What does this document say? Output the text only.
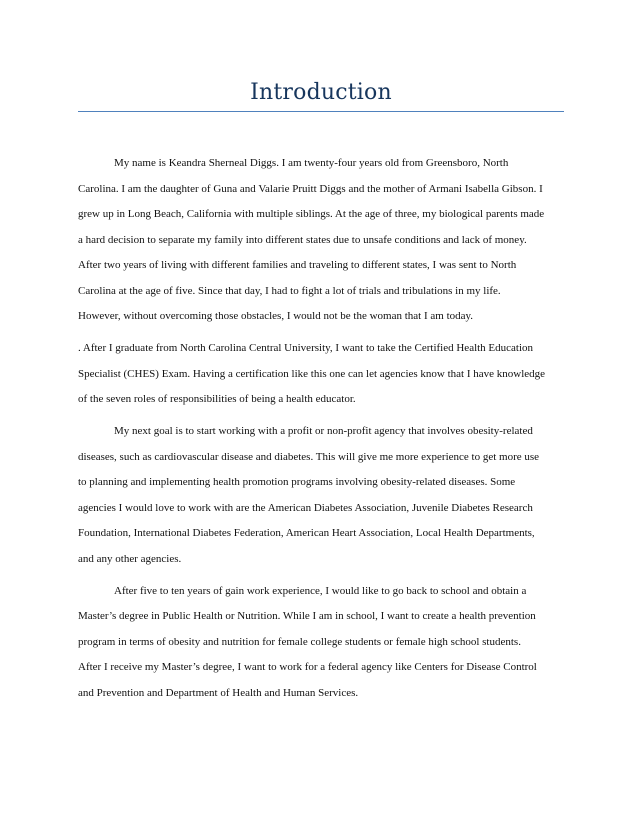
Introduction
My name is Keandra Sherneal Diggs. I am twenty-four years old from Greensboro, North
Carolina. I am the daughter of Guna and Valarie Pruitt Diggs and the mother of Armani Isabella Gibson. I
grew up in Long Beach, California with multiple siblings. At the age of three, my biological parents made
a hard decision to separate my family into different states due to unsafe conditions and lack of money.
After two years of living with different families and traveling to different states, I was sent to North
Carolina at the age of five. Since that day, I had to fight a lot of trials and tribulations in my life.
However, without overcoming those obstacles, I would not be the woman that I am today.
. After I graduate from North Carolina Central University, I want to take the Certified Health Education
Specialist (CHES) Exam. Having a certification like this one can let agencies know that I have knowledge
of the seven roles of responsibilities of being a health educator.
My next goal is to start working with a profit or non-profit agency that involves obesity-related
diseases, such as cardiovascular disease and diabetes. This will give me more experience to get more use
to planning and implementing health promotion programs involving obesity-related diseases. Some
agencies I would love to work with are the American Diabetes Association, Juvenile Diabetes Research
Foundation, International Diabetes Federation, American Heart Association, Local Health Departments,
and any other agencies.
After five to ten years of gain work experience, I would like to go back to school and obtain a
Master’s degree in Public Health or Nutrition. While I am in school, I want to create a health prevention
program in terms of obesity and nutrition for female college students or female high school students.
After I receive my Master’s degree, I want to work for a federal agency like Centers for Disease Control
and Prevention and Department of Health and Human Services.
